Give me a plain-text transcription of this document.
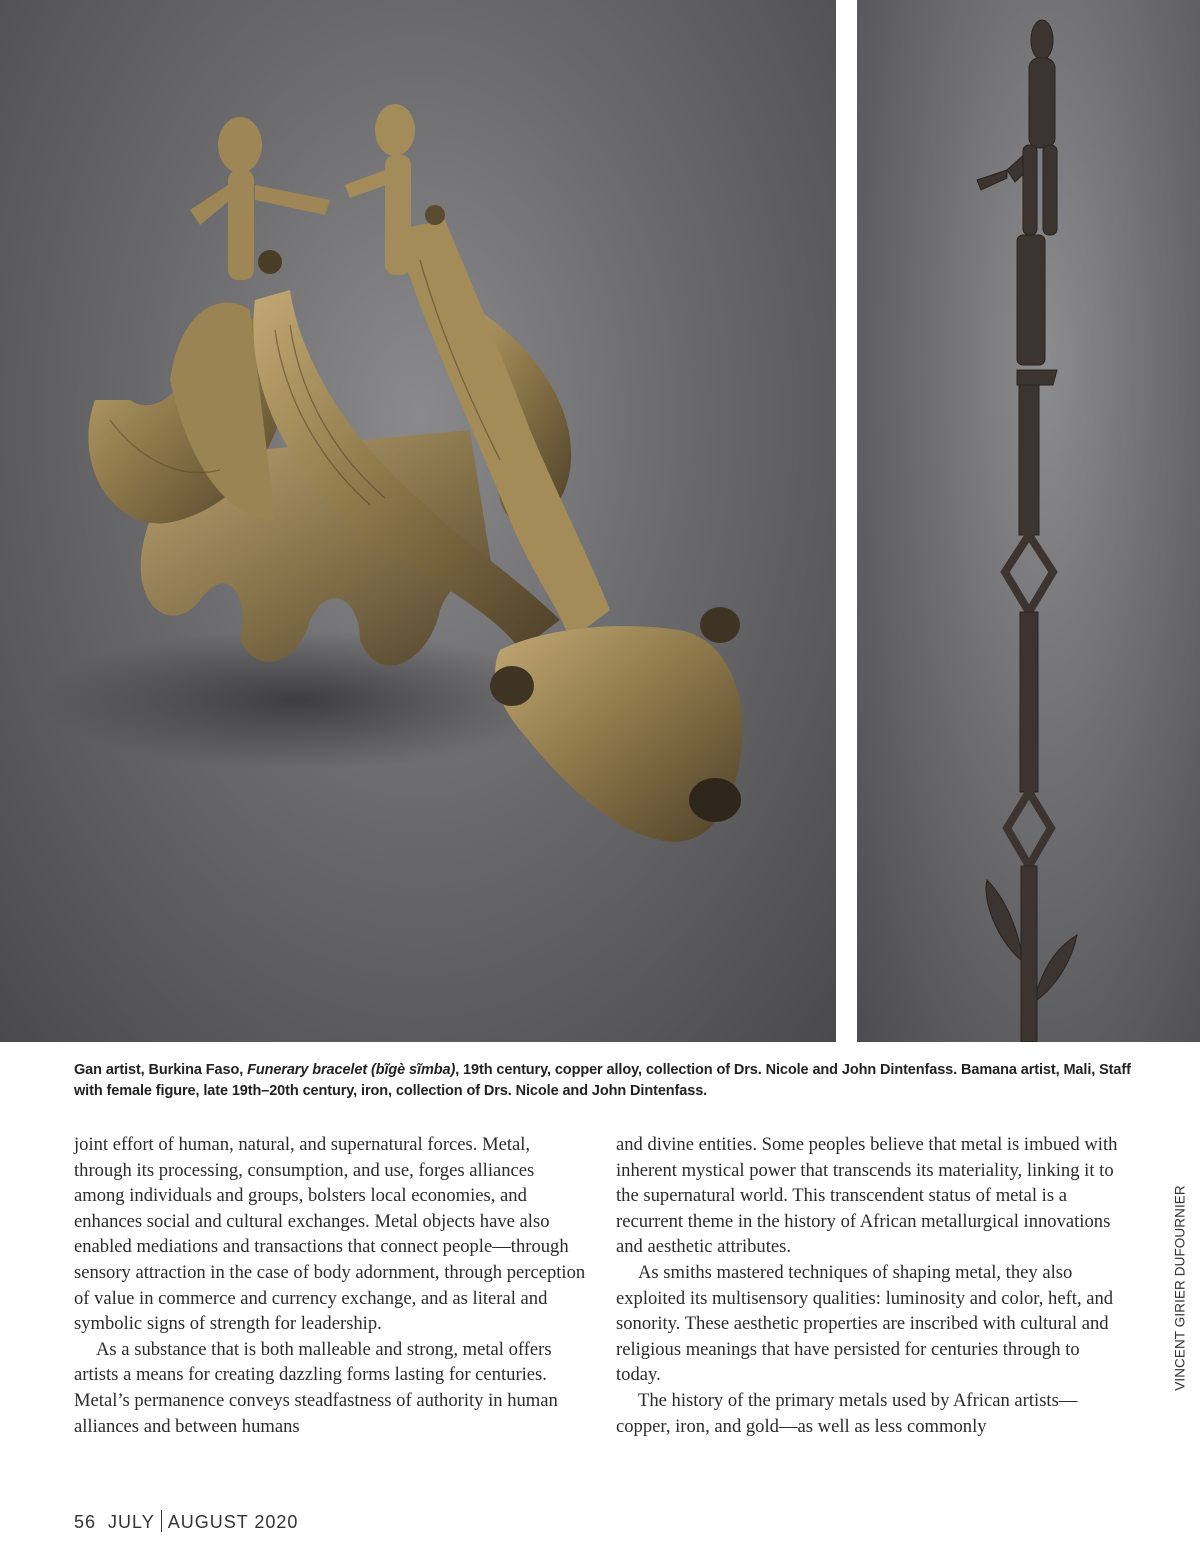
Gan artist, Burkina Faso, Funerary bracelet (bĩgè sĩmba), 19th century, copper alloy, collection of Drs. Nicole and John Dintenfass. Bamana artist, Mali, Staff with female figure, late 19th–20th century, iron, collection of Drs. Nicole and John Dintenfass.

joint effort of human, natural, and supernatural forces. Metal, through its processing, consumption, and use, forges alliances among individuals and groups, bolsters local economies, and enhances social and cultural exchanges. Metal objects have also enabled mediations and transactions that connect people—through sensory attraction in the case of body adornment, through perception of value in commerce and currency exchange, and as literal and symbolic signs of strength for leadership.

As a substance that is both malleable and strong, metal offers artists a means for creating dazzling forms lasting for centuries. Metal’s permanence conveys steadfastness of authority in human alliances and between humans

and divine entities. Some peoples believe that metal is imbued with inherent mystical power that transcends its materiality, linking it to the supernatural world. This transcendent status of metal is a recurrent theme in the history of African metallurgical innovations and aesthetic attributes.

As smiths mastered techniques of shaping metal, they also exploited its multisensory qualities: luminosity and color, heft, and sonority. These aesthetic properties are inscribed with cultural and religious meanings that have persisted for centuries through to today.

The history of the primary metals used by African artists—copper, iron, and gold—as well as less commonly

VINCENT GIRIER DUFOURNIER
56 JULY AUGUST 2020
